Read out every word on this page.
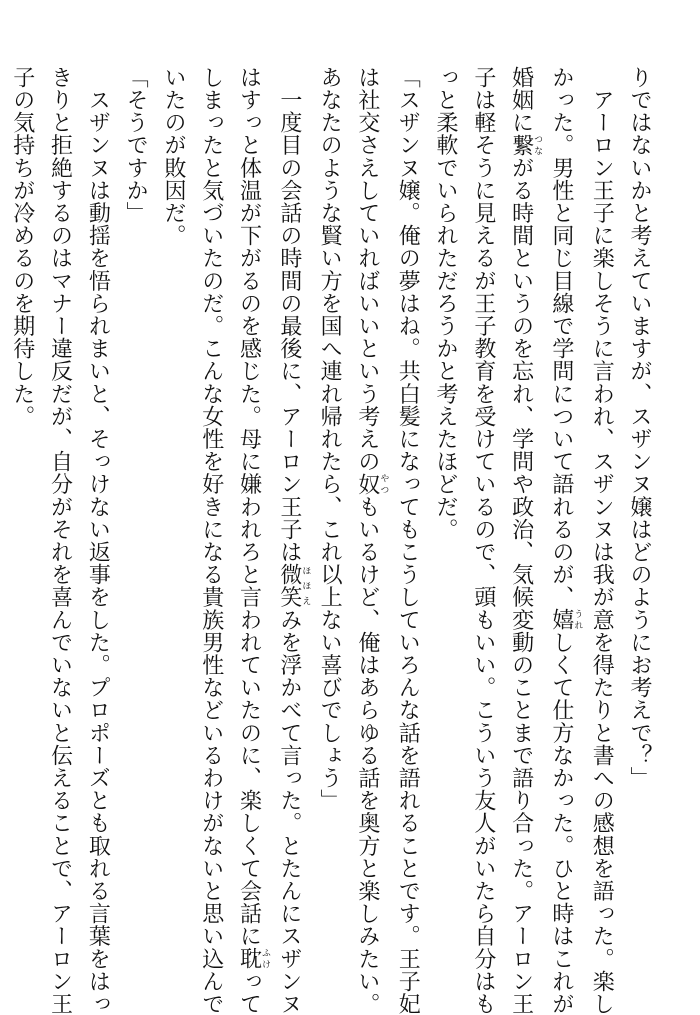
りではないかと考えていますが、スザンヌ嬢はどのようにお考えで？」
　アーロン王子に楽しそうに言われ、スザンヌは我が意を得たりと書への感想を語った。楽し
かった。男性と同じ目線で学問について語れるのが、嬉うれしくて仕方なかった。ひと時はこれが
婚姻に繋つながる時間というのを忘れ、学問や政治、気候変動のことまで語り合った。アーロン王
子は軽そうに見えるが王子教育を受けているので、頭もいい。こういう友人がいたら自分はも
っと柔軟でいられただろうかと考えたほどだ。
「スザンヌ嬢。俺の夢はね。共白髪になってもこうしていろんな話を語れることです。王子妃
は社交さえしていればいいという考えの奴やつもいるけど、俺はあらゆる話を奥方と楽しみたい。
あなたのような賢い方を国へ連れ帰れたら、これ以上ない喜びでしょう」
　一度目の会話の時間の最後に、アーロン王子は微笑ほほえみを浮かべて言った。とたんにスザンヌ
はすっと体温が下がるのを感じた。母に嫌われろと言われていたのに、楽しくて会話に耽ふけって
しまったと気づいたのだ。こんな女性を好きになる貴族男性などいるわけがないと思い込んで
いたのが敗因だ。
「そうですか」
　スザンヌは動揺を悟られまいと、そっけない返事をした。プロポーズとも取れる言葉をはっ
きりと拒絶するのはマナー違反だが、自分がそれを喜んでいないと伝えることで、アーロン王
子の気持ちが冷めるのを期待した。
